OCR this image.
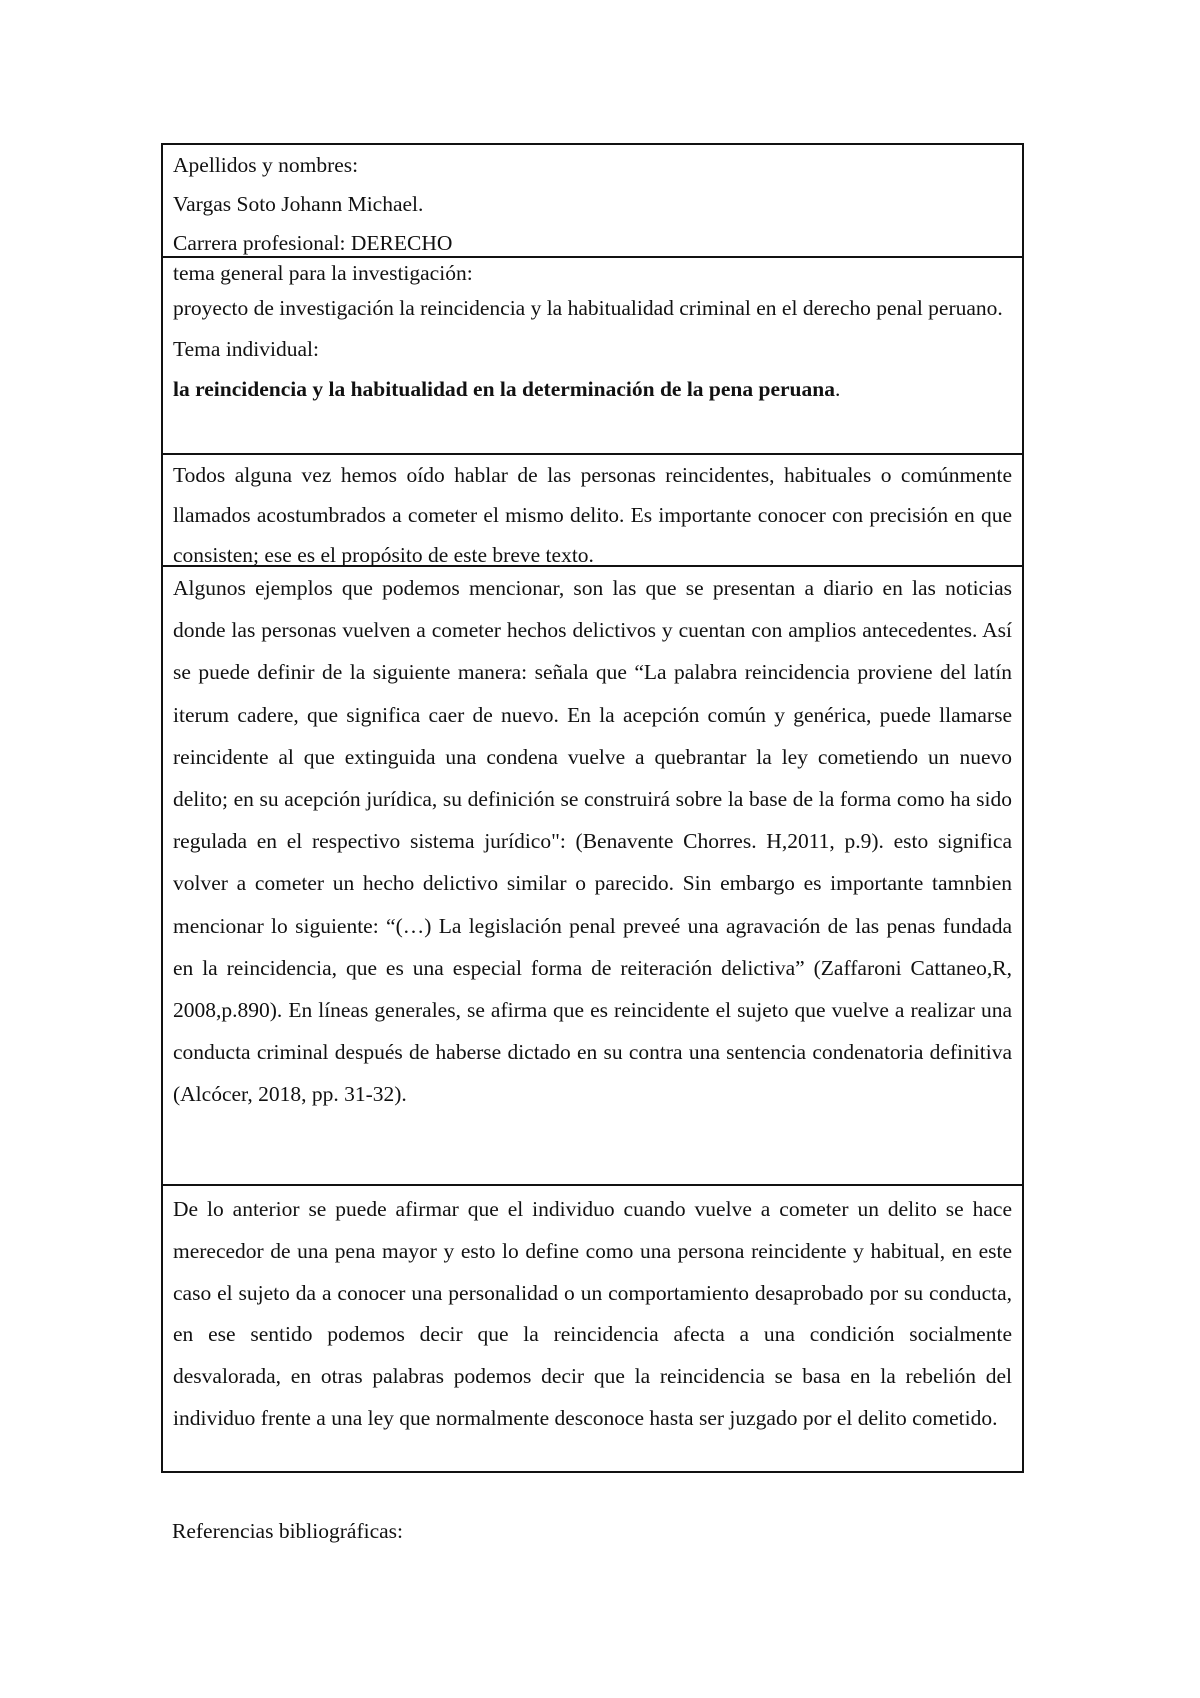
Apellidos y nombres:

Vargas Soto Johann Michael.

Carrera profesional: DERECHO

tema general para la investigación:

proyecto de investigación la reincidencia y la habitualidad criminal en el derecho penal peruano.

Tema individual:

la reincidencia y la habitualidad en la determinación de la pena peruana.

Todos alguna vez hemos oído hablar de las personas reincidentes, habituales o comúnmente llamados acostumbrados a cometer el mismo delito. Es importante conocer con precisión en que consisten; ese es el propósito de este breve texto.

Algunos ejemplos que podemos mencionar, son las que se presentan a diario en las noticias donde las personas vuelven a cometer hechos delictivos y cuentan con amplios antecedentes. Así se puede definir de la siguiente manera: señala que “La palabra reincidencia proviene del latín iterum cadere, que significa caer de nuevo. En la acepción común y genérica, puede llamarse reincidente al que extinguida una condena vuelve a quebrantar la ley cometiendo un nuevo delito; en su acepción jurídica, su definición se construirá sobre la base de la forma como ha sido regulada en el respectivo sistema jurídico": (Benavente Chorres. H,2011, p.9). esto significa volver a cometer un hecho delictivo similar o parecido. Sin embargo es importante tamnbien mencionar lo siguiente: “(…) La legislación penal preveé una agravación de las penas fundada en la reincidencia, que es una especial forma de reiteración delictiva” (Zaffaroni Cattaneo,R, 2008,p.890). En líneas generales, se afirma que es reincidente el sujeto que vuelve a realizar una conducta criminal después de haberse dictado en su contra una sentencia condenatoria definitiva (Alcócer, 2018, pp. 31-32).

De lo anterior se puede afirmar que el individuo cuando vuelve a cometer un delito se hace merecedor de una pena mayor y esto lo define como una persona reincidente y habitual, en este caso el sujeto da a conocer una personalidad o un comportamiento desaprobado por su conducta, en ese sentido podemos decir que la reincidencia afecta a una condición socialmente desvalorada, en otras palabras podemos decir que la reincidencia se basa en la rebelión del individuo frente a una ley que normalmente desconoce hasta ser juzgado por el delito cometido.

Referencias bibliográficas:
